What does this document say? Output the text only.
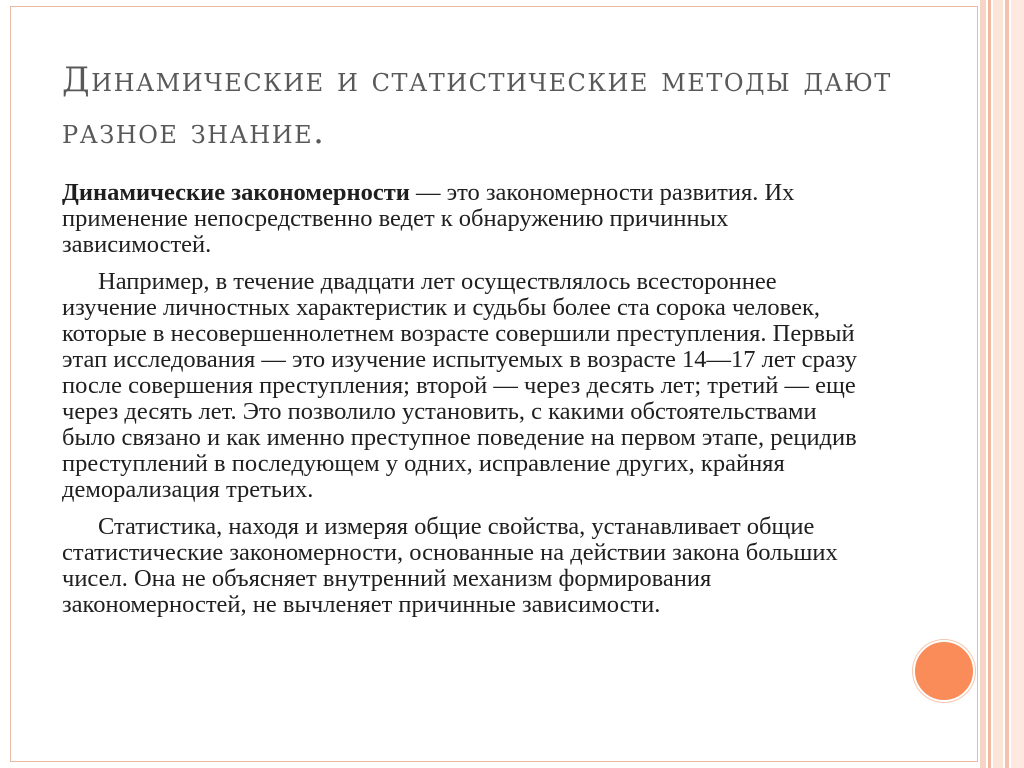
Динамические и статистические методы дают разное знание.

Динамические закономерности — это закономерности развития. Их применение непосредственно ведет к обнаружению причинных зависимостей.

Например, в течение двадцати лет осуществлялось всестороннее изучение личностных характеристик и судьбы более ста сорока человек, которые в несовершеннолетнем возрасте совершили преступления. Первый этап исследования — это изучение испытуемых в возрасте 14—17 лет сразу после совершения преступления; второй — через десять лет; третий — еще через десять лет. Это позволило установить, с какими обстоятельствами было связано и как именно преступное поведение на первом этапе, рецидив преступлений в последующем у одних, исправление других, крайняя деморализация третьих.

Статистика, находя и измеряя общие свойства, устанавливает общие статистические закономерности, основанные на действии закона больших чисел. Она не объясняет внутренний механизм формирования закономерностей, не вычленяет причинные зависимости.
